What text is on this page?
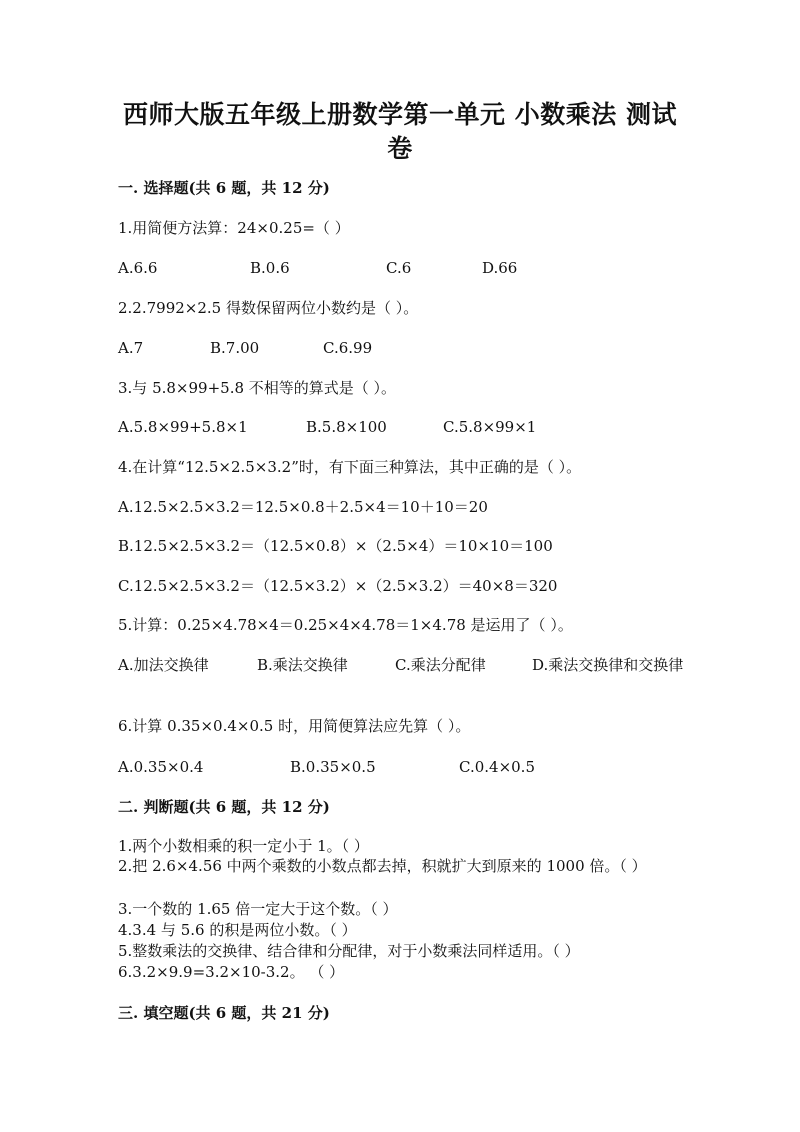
西师大版五年级上册数学第一单元 小数乘法 测试卷
一. 选择题(共 6 题，共 12 分)
1.用简便方法算：24×0.25=（ ）
A.6.6	B.0.6	C.6	D.66
2.2.7992×2.5 得数保留两位小数约是（ ）。
A.7	B.7.00	C.6.99
3.与 5.8×99+5.8 不相等的算式是（ ）。
A.5.8×99+5.8×1	B.5.8×100	C.5.8×99×1
4.在计算“12.5×2.5×3.2”时，有下面三种算法，其中正确的是（ ）。
A.12.5×2.5×3.2＝12.5×0.8＋2.5×4＝10＋10＝20
B.12.5×2.5×3.2＝（12.5×0.8）×（2.5×4）＝10×10＝100
C.12.5×2.5×3.2＝（12.5×3.2）×（2.5×3.2）＝40×8＝320
5.计算：0.25×4.78×4＝0.25×4×4.78＝1×4.78 是运用了（ ）。
A.加法交换律	B.乘法交换律	C.乘法分配律	D.乘法交换律和交换律
6.计算 0.35×0.4×0.5 时，用简便算法应先算（ ）。
A.0.35×0.4	B.0.35×0.5	C.0.4×0.5
二. 判断题(共 6 题，共 12 分)
1.两个小数相乘的积一定小于 1。（ ）
2.把 2.6×4.56 中两个乘数的小数点都去掉，积就扩大到原来的 1000 倍。（ ）
3.一个数的 1.65 倍一定大于这个数。（ ）
4.3.4 与 5.6 的积是两位小数。（ ）
5.整数乘法的交换律、结合律和分配律，对于小数乘法同样适用。（ ）
6.3.2×9.9=3.2×10-3.2。 （ ）
三. 填空题(共 6 题，共 21 分)
